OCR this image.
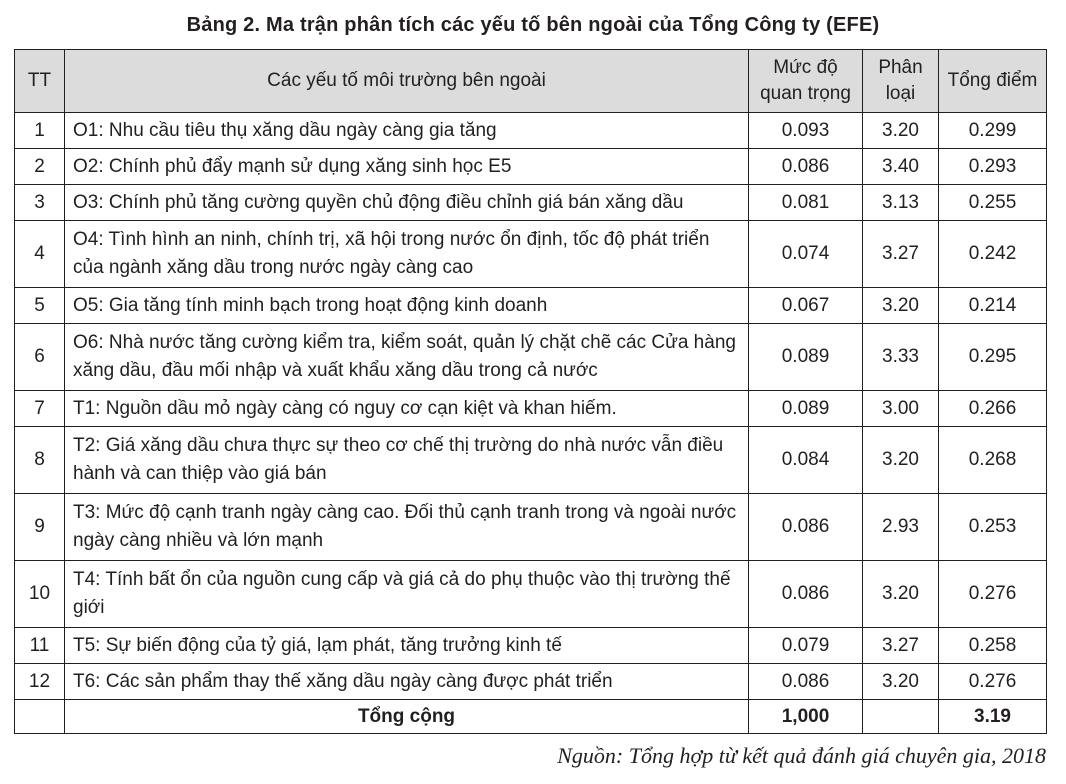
Bảng 2. Ma trận phân tích các yếu tố bên ngoài của Tổng Công ty (EFE)
TT	Các yếu tố môi trường bên ngoài	Mức độ quan trọng	Phân loại	Tổng điểm
1	O1: Nhu cầu tiêu thụ xăng dầu ngày càng gia tăng	0.093	3.20	0.299
2	O2: Chính phủ đẩy mạnh sử dụng xăng sinh học E5	0.086	3.40	0.293
3	O3: Chính phủ tăng cường quyền chủ động điều chỉnh giá bán xăng dầu	0.081	3.13	0.255
4	O4: Tình hình an ninh, chính trị, xã hội trong nước ổn định, tốc độ phát triển của ngành xăng dầu trong nước ngày càng cao	0.074	3.27	0.242
5	O5: Gia tăng tính minh bạch trong hoạt động kinh doanh	0.067	3.20	0.214
6	O6: Nhà nước tăng cường kiểm tra, kiểm soát, quản lý chặt chẽ các Cửa hàng xăng dầu, đầu mối nhập và xuất khẩu xăng dầu trong cả nước	0.089	3.33	0.295
7	T1: Nguồn dầu mỏ ngày càng có nguy cơ cạn kiệt và khan hiếm.	0.089	3.00	0.266
8	T2: Giá xăng dầu chưa thực sự theo cơ chế thị trường do nhà nước vẫn điều hành và can thiệp vào giá bán	0.084	3.20	0.268
9	T3: Mức độ cạnh tranh ngày càng cao. Đối thủ cạnh tranh trong và ngoài nước ngày càng nhiều và lớn mạnh	0.086	2.93	0.253
10	T4: Tính bất ổn của nguồn cung cấp và giá cả do phụ thuộc vào thị trường thế giới	0.086	3.20	0.276
11	T5: Sự biến động của tỷ giá, lạm phát, tăng trưởng kinh tế	0.079	3.27	0.258
12	T6: Các sản phẩm thay thế xăng dầu ngày càng được phát triển	0.086	3.20	0.276
	Tổng cộng	1,000		3.19
Nguồn: Tổng hợp từ kết quả đánh giá chuyên gia, 2018
